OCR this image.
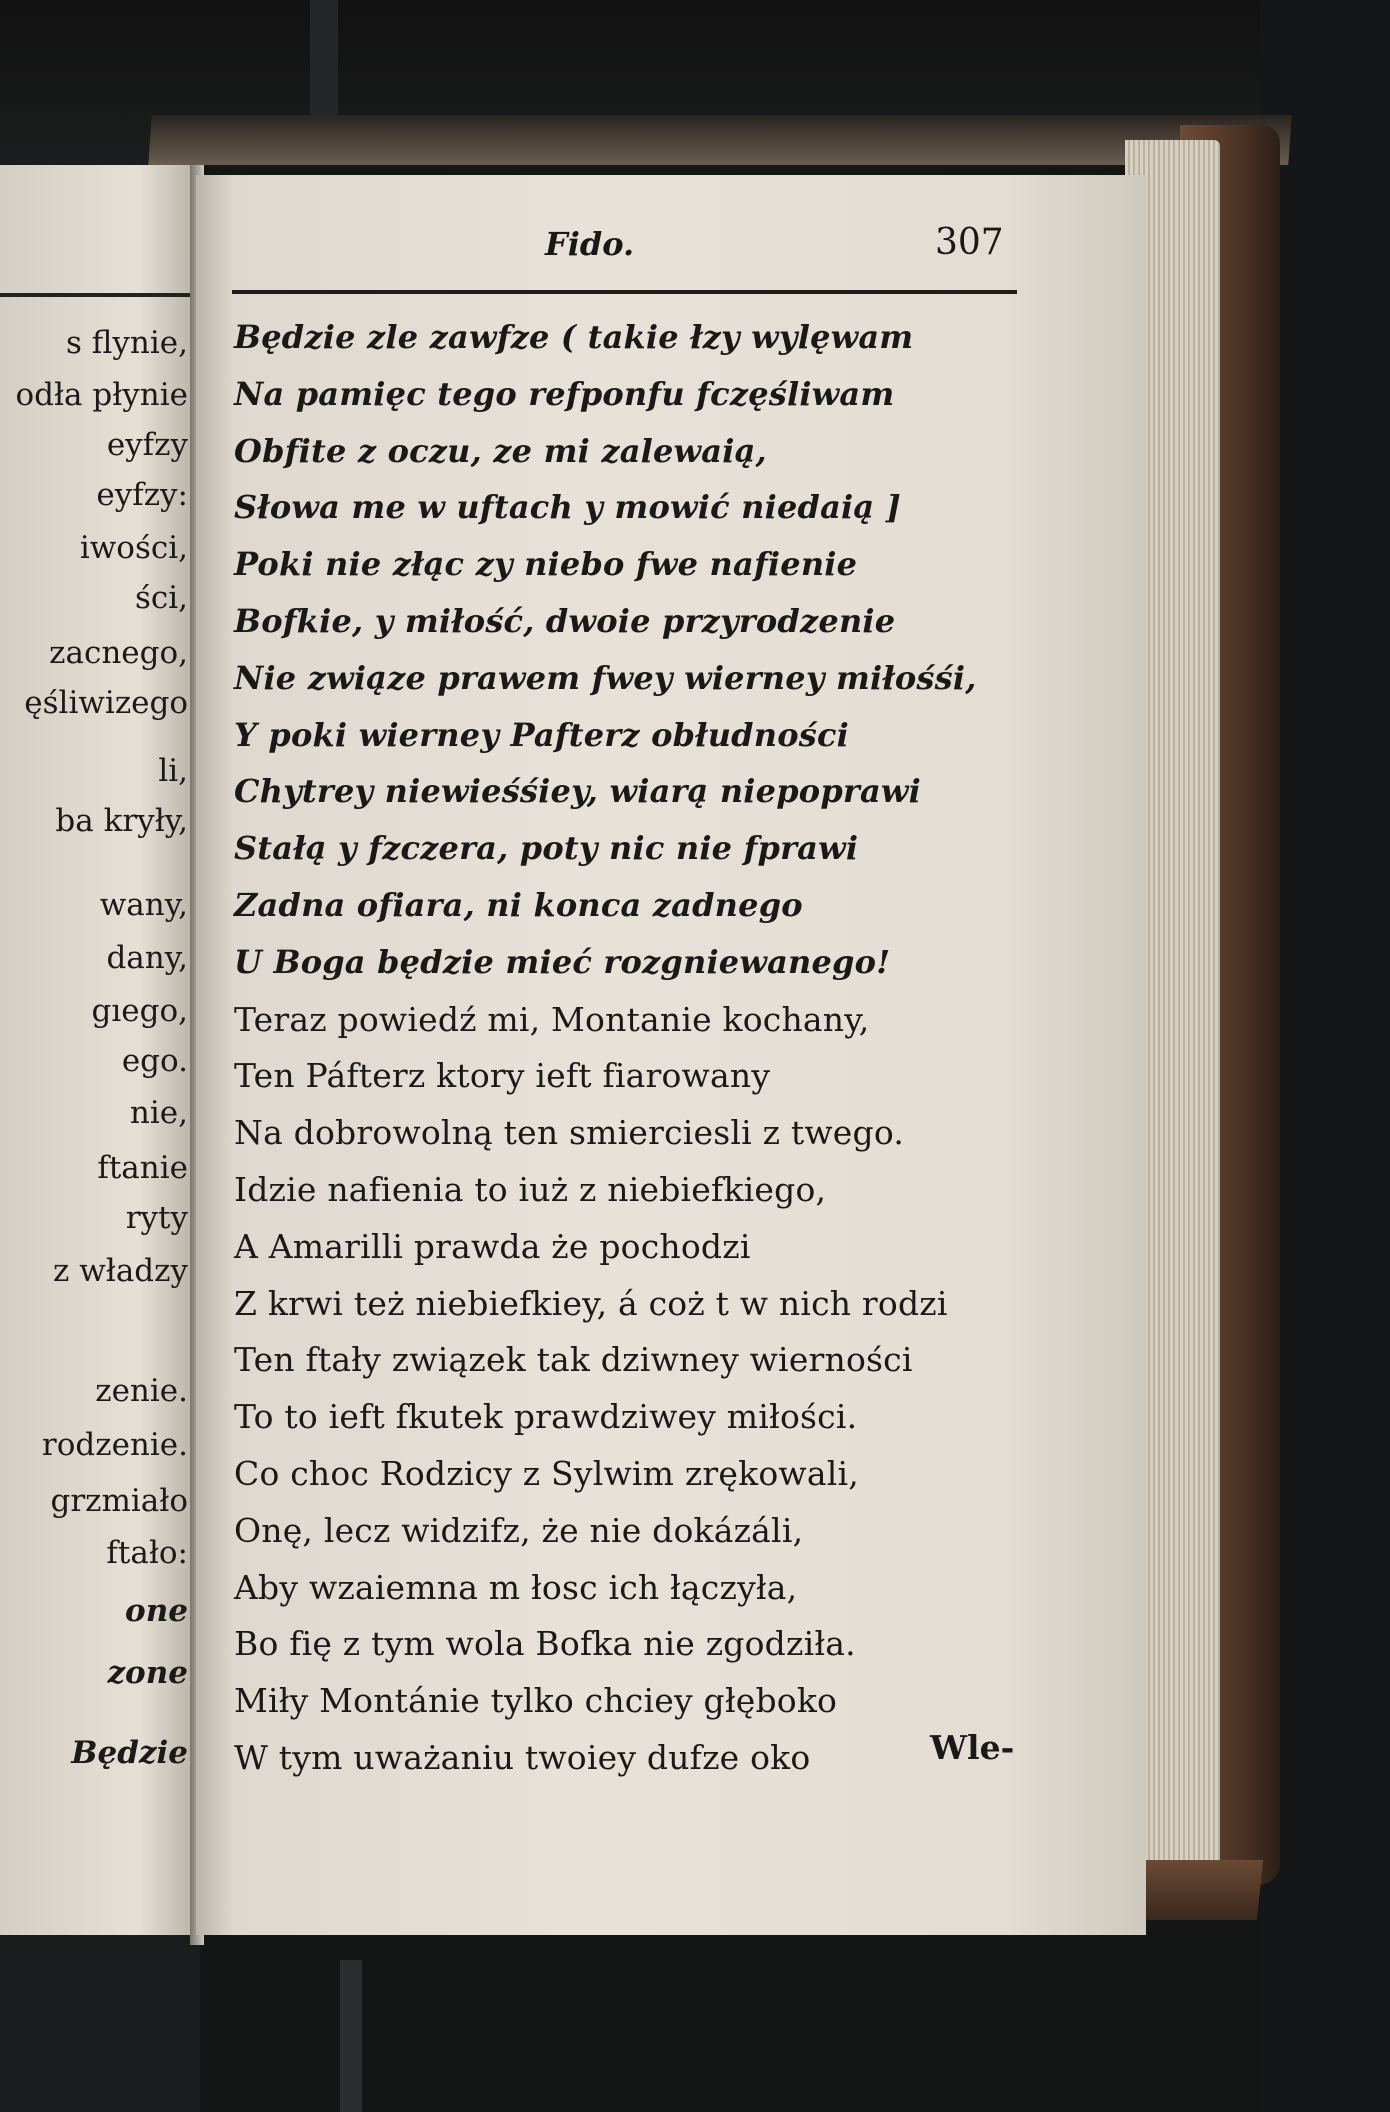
s flynie,
odła płynie
eyfzy
eyfzy:
iwości,
ści,
zacnego,
ęśliwizego
li,
ba kryły,
wany,
dany,
gıego,
ego.
nie,
ftanie
ryty
z władzy
zenie.
rodzenie.
grzmiało
ftało:
one
zone
Będzie
Fido.	307
Będzie zle zawfze ( takie łzy wylęwam
Na pamięc tego refponfu fczęśliwam
Obfite z oczu, ze mi zalewaią,
Słowa me w uftach y mowić niedaią ]
Poki nie złąc zy niebo fwe nafienie
Bofkie, y miłość, dwoie przyrodzenie
Nie związe prawem fwey wierney miłośśi,
Y poki wierney Pafterz obłudności
Chytrey niewieśśiey, wiarą niepoprawi
Stałą y fzczera, poty nic nie fprawi
Zadna ofiara, ni konca zadnego
U Boga będzie mieć rozgniewanego!
Teraz powiedź mi, Montanie kochany,
Ten Páfterz ktory ieft fiarowany
Na dobrowolną ten smierciesli z twego.
Idzie nafienia to iuż z niebiefkiego,
A Amarilli prawda że pochodzi
Z krwi też niebiefkiey, á coż t w nich rodzi
Ten ftały związek tak dziwney wierności
To to ieft fkutek prawdziwey miłości.
Co choc Rodzicy z Sylwim zrękowali,
Onę, lecz widzifz, że nie dokázáli,
Aby wzaiemna m łosc ich łączyła,
Bo fię z tym wola Bofka nie zgodziła.
Miły Montánie tylko chciey głęboko
W tym uważaniu twoiey dufze oko	Wle-
